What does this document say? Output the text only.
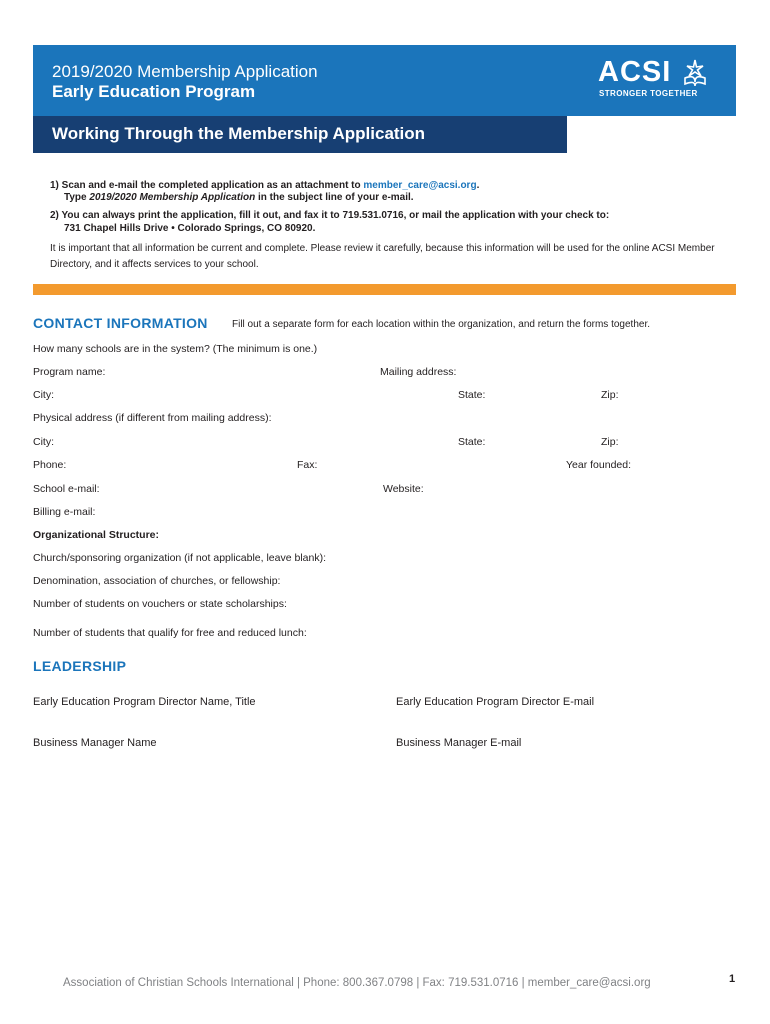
2019/2020 Membership Application
Early Education Program
ACSI
STRONGER TOGETHER
Working Through the Membership Application
1) Scan and e-mail the completed application as an attachment to member_care@acsi.org.
Type 2019/2020 Membership Application in the subject line of your e-mail.
2) You can always print the application, fill it out, and fax it to 719.531.0716, or mail the application with your check to:
731 Chapel Hills Drive • Colorado Springs, CO 80920.
It is important that all information be current and complete. Please review it carefully, because this information will be used for the online ACSI Member Directory, and it affects services to your school.
CONTACT INFORMATION Fill out a separate form for each location within the organization, and return the forms together.
How many schools are in the system? (The minimum is one.)
Program name:	Mailing address:
City:	State:	Zip:
Physical address (if different from mailing address):
City:	State:	Zip:
Phone:	Fax:	Year founded:
School e-mail:	Website:
Billing e-mail:
Organizational Structure:
Church/sponsoring organization (if not applicable, leave blank):
Denomination, association of churches, or fellowship:
Number of students on vouchers or state scholarships:
Number of students that qualify for free and reduced lunch:
LEADERSHIP
Early Education Program Director Name, Title	Early Education Program Director E-mail
Business Manager Name	Business Manager E-mail
Association of Christian Schools International | Phone: 800.367.0798 | Fax: 719.531.0716 | member_care@acsi.org	1
